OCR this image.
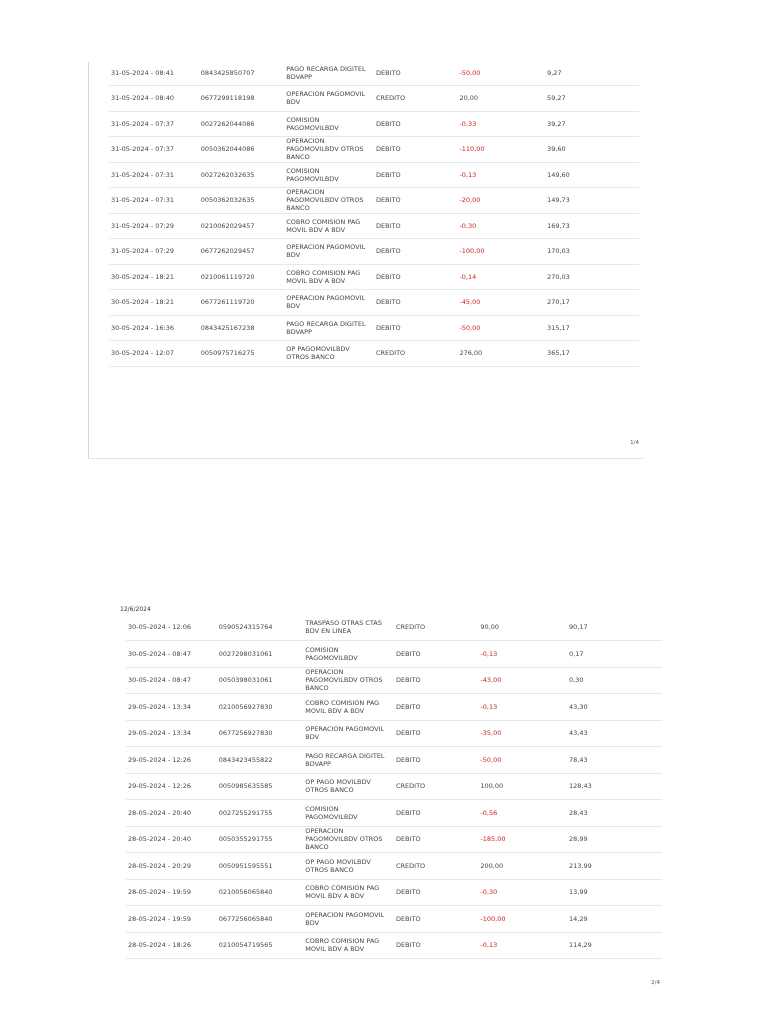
31-05-2024 - 08:41	0843425850707	PAGO RECARGA DIGITEL BDVAPP	DEBITO	-50,00	9,27
31-05-2024 - 08:40	0677299118198	OPERACION PAGOMOVIL BDV	CREDITO	20,00	59,27
31-05-2024 - 07:37	0027262044086	COMISION PAGOMOVILBDV	DEBITO	-0,33	39,27
31-05-2024 - 07:37	0050362044086	OPERACION PAGOMOVILBDV OTROS BANCO	DEBITO	-110,00	39,60
31-05-2024 - 07:31	0027262032635	COMISION PAGOMOVILBDV	DEBITO	-0,13	149,60
31-05-2024 - 07:31	0050362032635	OPERACION PAGOMOVILBDV OTROS BANCO	DEBITO	-20,00	149,73
31-05-2024 - 07:29	0210062029457	COBRO COMISION PAG MOVIL BDV A BDV	DEBITO	-0,30	169,73
31-05-2024 - 07:29	0677262029457	OPERACION PAGOMOVIL BDV	DEBITO	-100,00	170,03
30-05-2024 - 18:21	0210061119720	COBRO COMISION PAG MOVIL BDV A BDV	DEBITO	-0,14	270,03
30-05-2024 - 18:21	0677261119720	OPERACION PAGOMOVIL BDV	DEBITO	-45,00	270,17
30-05-2024 - 16:36	0843425167238	PAGO RECARGA DIGITEL BDVAPP	DEBITO	-50,00	315,17
30-05-2024 - 12:07	0050975716275	OP PAGOMOVILBDV OTROS BANCO	CREDITO	276,00	365,17
1/4
12/6/2024
30-05-2024 - 12:06	0590524315764	TRASPASO OTRAS CTAS BDV EN LINEA	CREDITO	90,00	90,17
30-05-2024 - 08:47	0027298031061	COMISION PAGOMOVILBDV	DEBITO	-0,13	0,17
30-05-2024 - 08:47	0050398031061	OPERACION PAGOMOVILBDV OTROS BANCO	DEBITO	-43,00	0,30
29-05-2024 - 13:34	0210056927830	COBRO COMISION PAG MOVIL BDV A BDV	DEBITO	-0,13	43,30
29-05-2024 - 13:34	0677256927830	OPERACION PAGOMOVIL BDV	DEBITO	-35,00	43,43
29-05-2024 - 12:26	0843423455822	PAGO RECARGA DIGITEL BDVAPP	DEBITO	-50,00	78,43
29-05-2024 - 12:26	0050985635585	OP PAGO MOVILBDV OTROS BANCO	CREDITO	100,00	128,43
28-05-2024 - 20:40	0027255291755	COMISION PAGOMOVILBDV	DEBITO	-0,56	28,43
28-05-2024 - 20:40	0050355291755	OPERACION PAGOMOVILBDV OTROS BANCO	DEBITO	-185,00	28,99
28-05-2024 - 20:29	0050951595551	OP PAGO MOVILBDV OTROS BANCO	CREDITO	200,00	213,99
28-05-2024 - 19:59	0210056065840	COBRO COMISION PAG MOVIL BDV A BDV	DEBITO	-0,30	13,99
28-05-2024 - 19:59	0677256065840	OPERACION PAGOMOVIL BDV	DEBITO	-100,00	14,29
28-05-2024 - 18:26	0210054719565	COBRO COMISION PAG MOVIL BDV A BDV	DEBITO	-0,13	114,29
2/4
